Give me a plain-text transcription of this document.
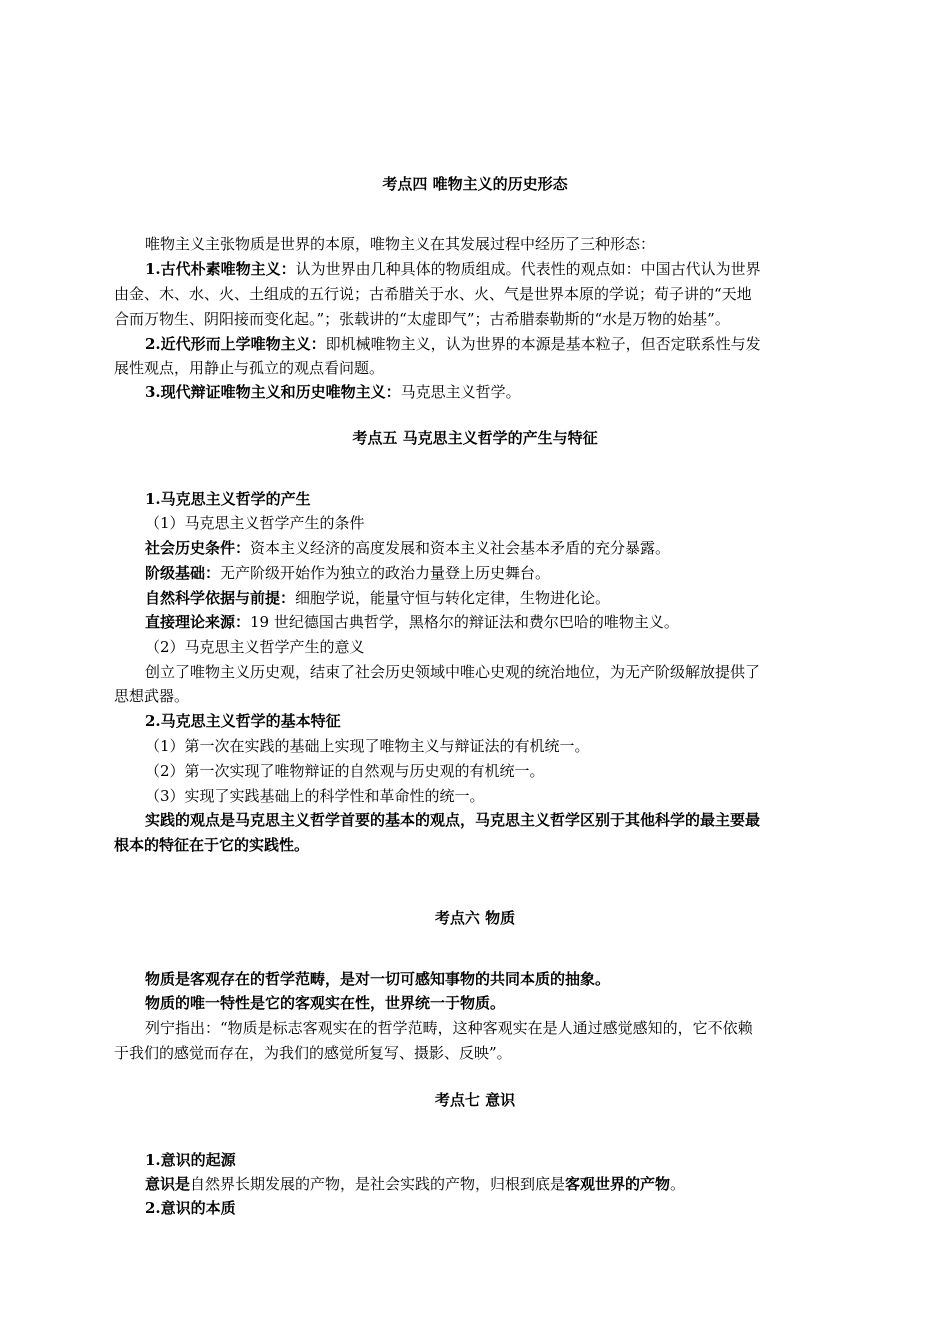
考点四 唯物主义的历史形态
唯物主义主张物质是世界的本原，唯物主义在其发展过程中经历了三种形态：
1.古代朴素唯物主义：认为世界由几种具体的物质组成。代表性的观点如：中国古代认为世界
由金、木、水、火、土组成的五行说；古希腊关于水、火、气是世界本原的学说；荀子讲的“天地
合而万物生、阴阳接而变化起。”；张载讲的“太虚即气”；古希腊泰勒斯的“水是万物的始基”。
2.近代形而上学唯物主义：即机械唯物主义，认为世界的本源是基本粒子，但否定联系性与发
展性观点，用静止与孤立的观点看问题。
3.现代辩证唯物主义和历史唯物主义：马克思主义哲学。
考点五 马克思主义哲学的产生与特征
1.马克思主义哲学的产生
（1）马克思主义哲学产生的条件
社会历史条件：资本主义经济的高度发展和资本主义社会基本矛盾的充分暴露。
阶级基础：无产阶级开始作为独立的政治力量登上历史舞台。
自然科学依据与前提：细胞学说，能量守恒与转化定律，生物进化论。
直接理论来源：19 世纪德国古典哲学，黑格尔的辩证法和费尔巴哈的唯物主义。
（2）马克思主义哲学产生的意义
创立了唯物主义历史观，结束了社会历史领域中唯心史观的统治地位，为无产阶级解放提供了
思想武器。
2.马克思主义哲学的基本特征
（1）第一次在实践的基础上实现了唯物主义与辩证法的有机统一。
（2）第一次实现了唯物辩证的自然观与历史观的有机统一。
（3）实现了实践基础上的科学性和革命性的统一。
实践的观点是马克思主义哲学首要的基本的观点，马克思主义哲学区别于其他科学的最主要最
根本的特征在于它的实践性。
考点六 物质
物质是客观存在的哲学范畴，是对一切可感知事物的共同本质的抽象。
物质的唯一特性是它的客观实在性，世界统一于物质。
列宁指出：“物质是标志客观实在的哲学范畴，这种客观实在是人通过感觉感知的，它不依赖
于我们的感觉而存在，为我们的感觉所复写、摄影、反映”。
考点七 意识
1.意识的起源
意识是自然界长期发展的产物，是社会实践的产物，归根到底是客观世界的产物。
2.意识的本质
